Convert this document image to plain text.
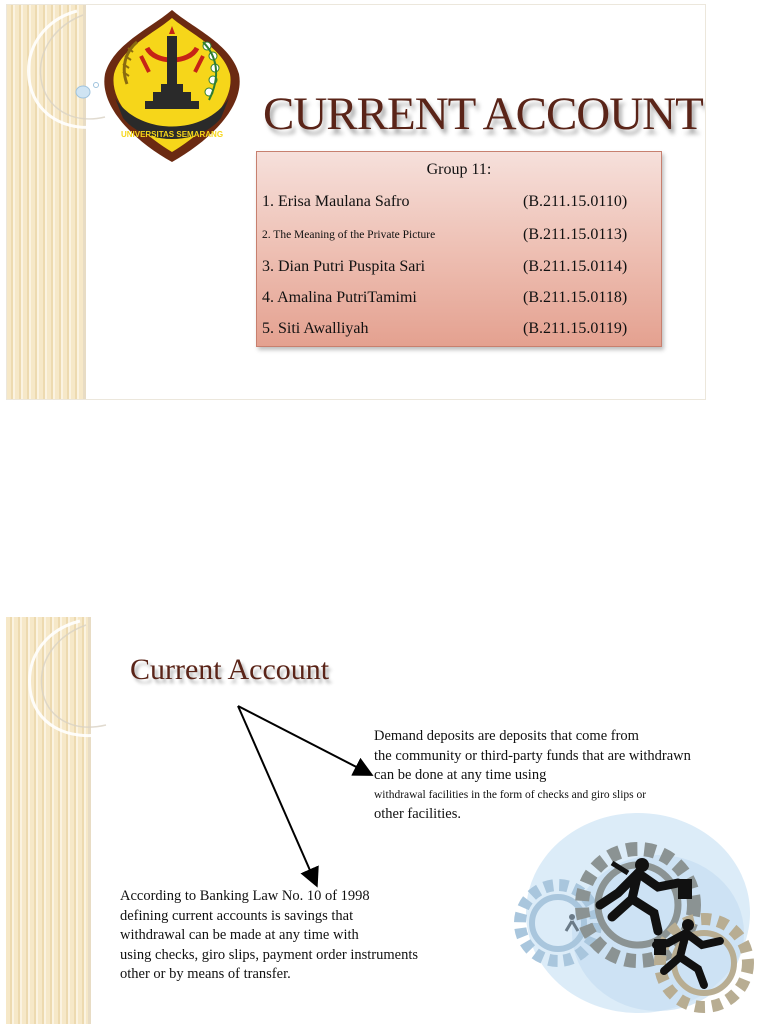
UNIVERSITAS SEMARANG CURRENT ACCOUNT
Group 11:
1. Erisa Maulana Safro	(B.211.15.0110)
2. The Meaning of the Private Picture	(B.211.15.0113)
3. Dian Putri Puspita Sari	(B.211.15.0114)
4. Amalina PutriTamimi	(B.211.15.0118)
5. Siti Awalliyah	(B.211.15.0119)
Current Account
Demand deposits are deposits that come from
the community or third-party funds that are withdrawn
can be done at any time using
withdrawal facilities in the form of checks and giro slips or
other facilities.
According to Banking Law No. 10 of 1998
defining current accounts is savings that
withdrawal can be made at any time with
using checks, giro slips, payment order instruments
other or by means of transfer.
